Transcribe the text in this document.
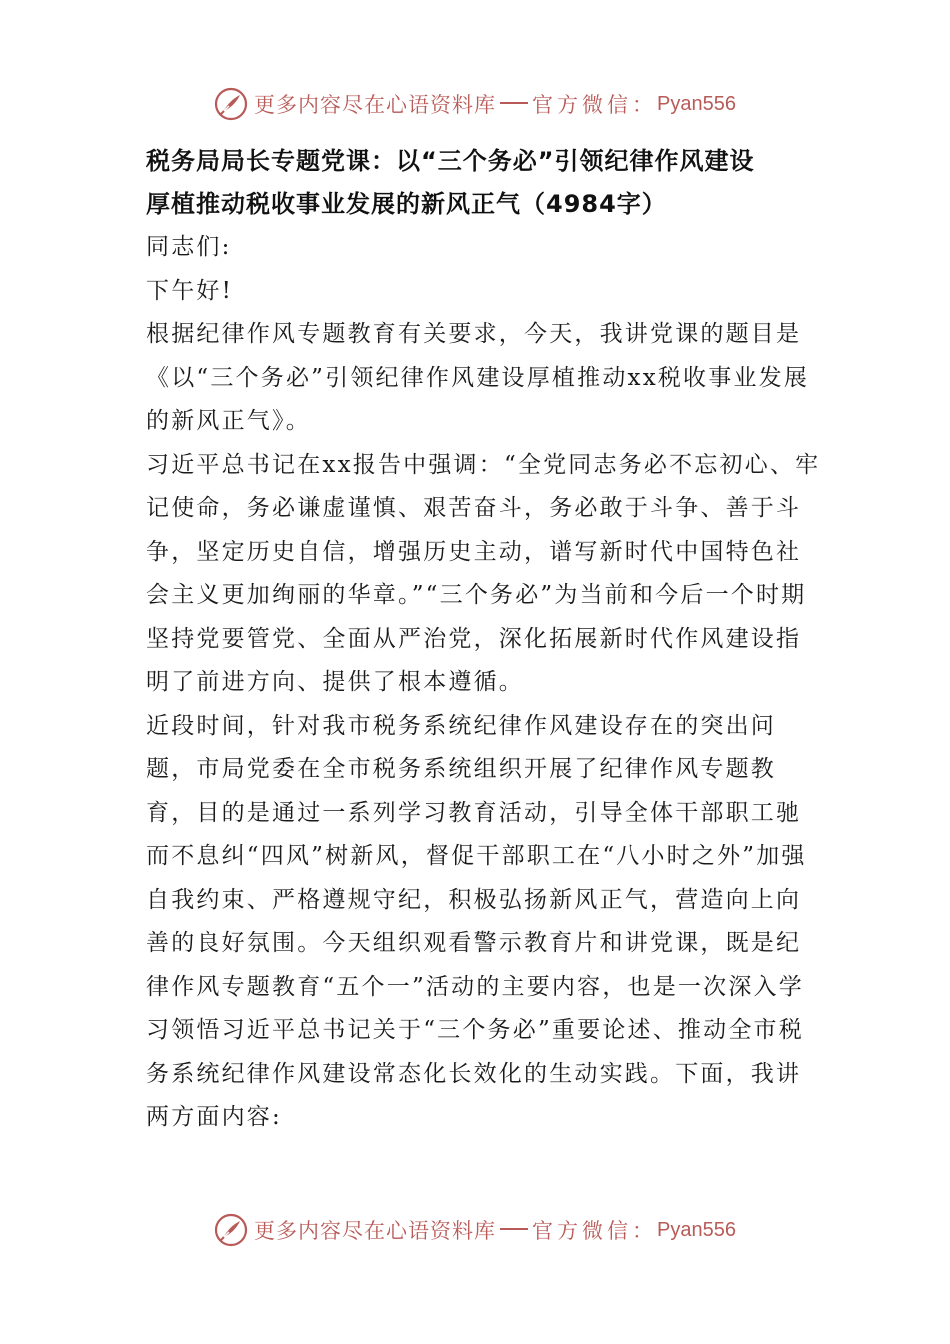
更多内容尽在心语资料库 官方微信： Pyan556

税务局局长专题党课：以“三个务必”引领纪律作风建设

厚植推动税收事业发展的新风正气（4984字）

同志们:

下午好!

根据纪律作风专题教育有关要求，今天，我讲党课的题目是《以“三个务必”引领纪律作风建设厚植推动xx税收事业发展的新风正气》。

习近平总书记在xx报告中强调：“全党同志务必不忘初心、牢记使命，务必谦虚谨慎、艰苦奋斗，务必敢于斗争、善于斗争，坚定历史自信，增强历史主动，谱写新时代中国特色社会主义更加绚丽的华章。”“三个务必”为当前和今后一个时期坚持党要管党、全面从严治党，深化拓展新时代作风建设指明了前进方向、提供了根本遵循。

近段时间，针对我市税务系统纪律作风建设存在的突出问题，市局党委在全市税务系统组织开展了纪律作风专题教育，目的是通过一系列学习教育活动，引导全体干部职工驰而不息纠“四风”树新风，督促干部职工在“八小时之外”加强自我约束、严格遵规守纪，积极弘扬新风正气，营造向上向善的良好氛围。今天组织观看警示教育片和讲党课，既是纪律作风专题教育“五个一”活动的主要内容，也是一次深入学习领悟习近平总书记关于“三个务必”重要论述、推动全市税务系统纪律作风建设常态化长效化的生动实践。下面，我讲两方面内容:

更多内容尽在心语资料库 官方微信： Pyan556
